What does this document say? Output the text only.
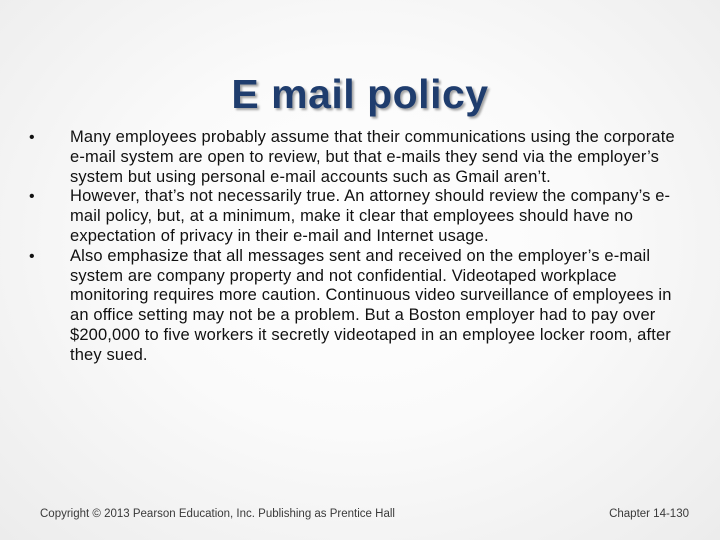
E mail policy
•	Many employees probably assume that their communications using the corporate e-mail system are open to review, but that e-mails they send via the employer’s system but using personal e-mail accounts such as Gmail aren’t.
•	However, that’s not necessarily true. An attorney should review the company’s e-mail policy, but, at a minimum, make it clear that employees should have no expectation of privacy in their e-mail and Internet usage.
•	Also emphasize that all messages sent and received on the employer’s e-mail system are company property and not confidential. Videotaped workplace monitoring requires more caution. Continuous video surveillance of employees in an office setting may not be a problem. But a Boston employer had to pay over $200,000 to five workers it secretly videotaped in an employee locker room, after they sued.
Copyright © 2013 Pearson Education, Inc. Publishing as Prentice Hall	Chapter 14-130
